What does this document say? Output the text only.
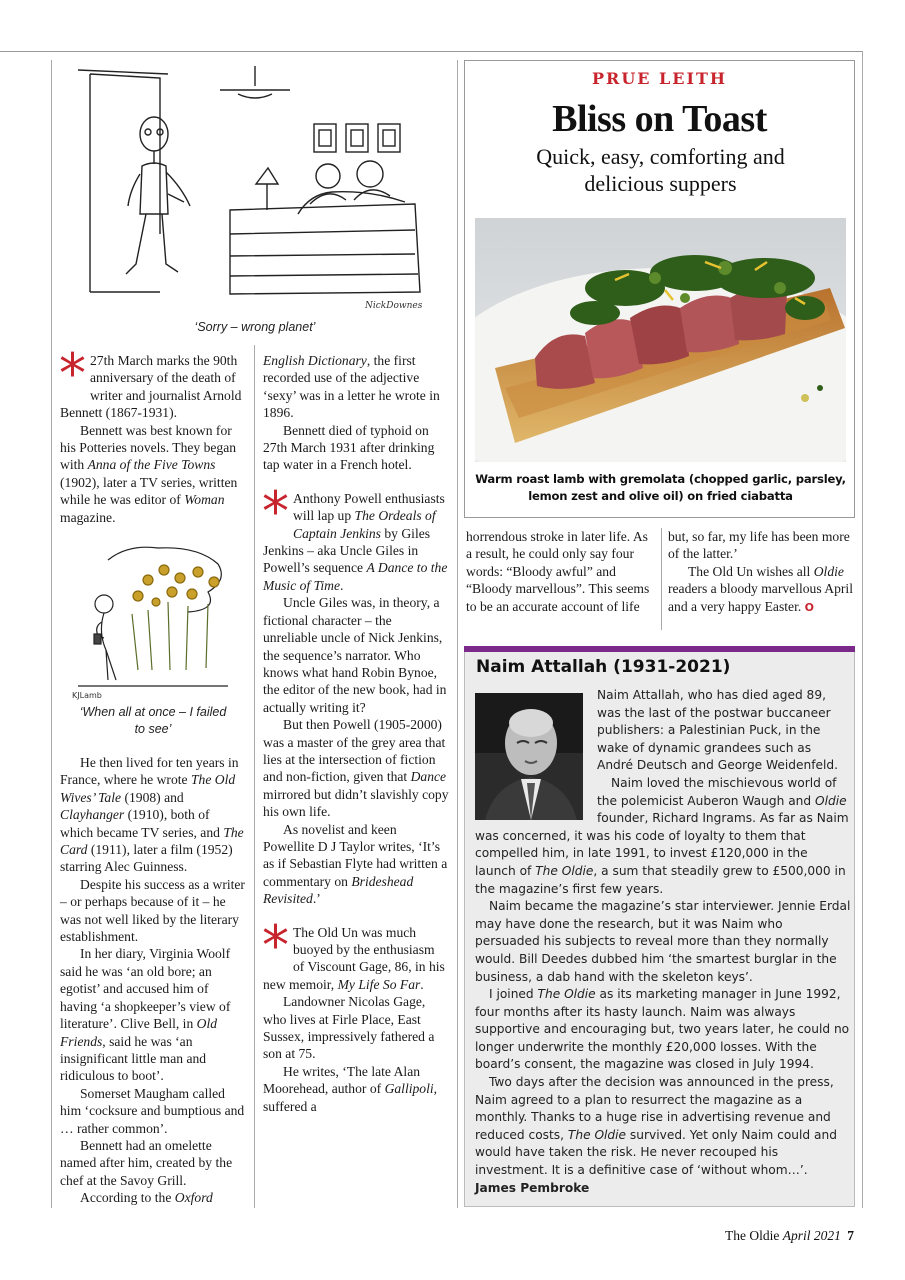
NickDownes
‘Sorry – wrong planet’
* 27th March marks the 90th anniversary of the death of writer and journalist Arnold Bennett (1867-1931).

Bennett was best known for his Potteries novels. They began with Anna of the Five Towns (1902), later a TV series, written while he was editor of Woman magazine.

KJLamb
‘When all at once – I failed
to see’

He then lived for ten years in France, where he wrote The Old Wives’ Tale (1908) and Clayhanger (1910), both of which became TV series, and The Card (1911), later a film (1952) starring Alec Guinness.

Despite his success as a writer – or perhaps because of it – he was not well liked by the literary establishment.

In her diary, Virginia Woolf said he was ‘an old bore; an egotist’ and accused him of having ‘a shopkeeper’s view of literature’. Clive Bell, in Old Friends, said he was ‘an insignificant little man and ridiculous to boot’.

Somerset Maugham called him ‘cocksure and bumptious and … rather common’.

Bennett had an omelette named after him, created by the chef at the Savoy Grill.

According to the Oxford

English Dictionary, the first recorded use of the adjective ‘sexy’ was in a letter he wrote in 1896.

Bennett died of typhoid on 27th March 1931 after drinking tap water in a French hotel.

* Anthony Powell enthusiasts will lap up The Ordeals of Captain Jenkins by Giles Jenkins – aka Uncle Giles in Powell’s sequence A Dance to the Music of Time.

Uncle Giles was, in theory, a fictional character – the unreliable uncle of Nick Jenkins, the sequence’s narrator. Who knows what hand Robin Bynoe, the editor of the new book, had in actually writing it?

But then Powell (1905-2000) was a master of the grey area that lies at the intersection of fiction and non-fiction, given that Dance mirrored but didn’t slavishly copy his own life.

As novelist and keen Powellite D J Taylor writes, ‘It’s as if Sebastian Flyte had written a commentary on Brideshead Revisited.’

* The Old Un was much buoyed by the enthusiasm of Viscount Gage, 86, in his new memoir, My Life So Far.

Landowner Nicolas Gage, who lives at Firle Place, East Sussex, impressively fathered a son at 75.

He writes, ‘The late Alan Moorehead, author of Gallipoli, suffered a

PRUE LEITH
Bliss on Toast
Quick, easy, comforting and delicious suppers
Warm roast lamb with gremolata (chopped garlic, parsley,
lemon zest and olive oil) on fried ciabatta

horrendous stroke in later life. As a result, he could only say four words: “Bloody awful” and “Bloody marvellous”. This seems to be an accurate account of life

but, so far, my life has been more of the latter.’

The Old Un wishes all Oldie readers a bloody marvellous April and a very happy Easter. O

Naim Attallah (1931-2021)

Naim Attallah, who has died aged 89, was the last of the postwar buccaneer publishers: a Palestinian Puck, in the wake of dynamic grandees such as André Deutsch and George Weidenfeld.

Naim loved the mischievous world of the polemicist Auberon Waugh and Oldie founder, Richard Ingrams. As far as Naim was concerned, it was his code of loyalty to them that compelled him, in late 1991, to invest £120,000 in the launch of The Oldie, a sum that steadily grew to £500,000 in the magazine’s first few years.

Naim became the magazine’s star interviewer. Jennie Erdal may have done the research, but it was Naim who persuaded his subjects to reveal more than they normally would. Bill Deedes dubbed him ‘the smartest burglar in the business, a dab hand with the skeleton keys’.

I joined The Oldie as its marketing manager in June 1992, four months after its hasty launch. Naim was always supportive and encouraging but, two years later, he could no longer underwrite the monthly £20,000 losses. With the board’s consent, the magazine was closed in July 1994.

Two days after the decision was announced in the press, Naim agreed to a plan to resurrect the magazine as a monthly. Thanks to a huge rise in advertising revenue and reduced costs, The Oldie survived. Yet only Naim could and would have taken the risk. He never recouped his investment. It is a definitive case of ‘without whom…’.

James Pembroke

The Oldie April 2021 7
